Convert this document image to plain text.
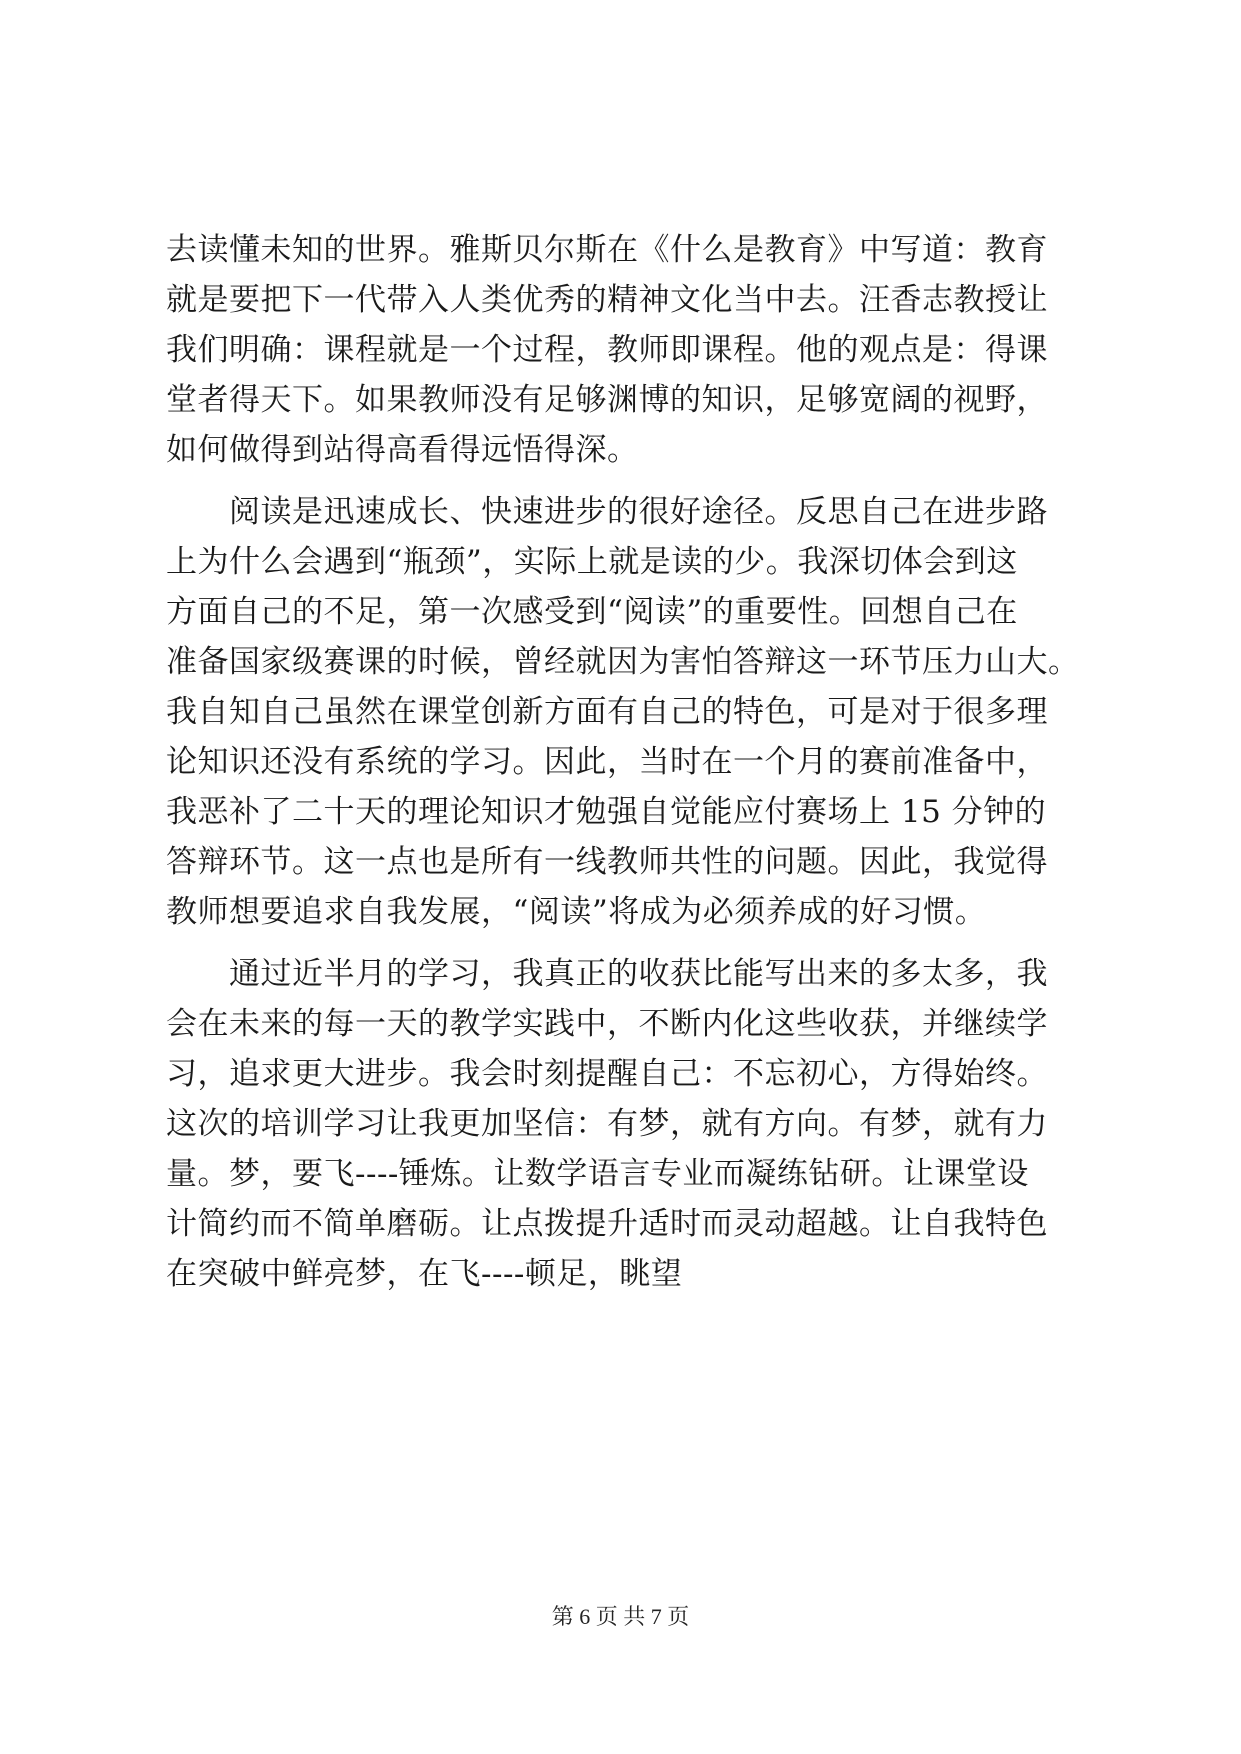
去读懂未知的世界。雅斯贝尔斯在《什么是教育》中写道：教育
就是要把下一代带入人类优秀的精神文化当中去。汪香志教授让
我们明确：课程就是一个过程，教师即课程。他的观点是：得课
堂者得天下。如果教师没有足够渊博的知识，足够宽阔的视野，
如何做得到站得高看得远悟得深。
阅读是迅速成长、快速进步的很好途径。反思自己在进步路
上为什么会遇到“瓶颈”，实际上就是读的少。我深切体会到这
方面自己的不足，第一次感受到“阅读”的重要性。回想自己在
准备国家级赛课的时候，曾经就因为害怕答辩这一环节压力山大。
我自知自己虽然在课堂创新方面有自己的特色，可是对于很多理
论知识还没有系统的学习。因此，当时在一个月的赛前准备中，
我恶补了二十天的理论知识才勉强自觉能应付赛场上 15 分钟的
答辩环节。这一点也是所有一线教师共性的问题。因此，我觉得
教师想要追求自我发展，“阅读”将成为必须养成的好习惯。
通过近半月的学习，我真正的收获比能写出来的多太多，我
会在未来的每一天的教学实践中，不断内化这些收获，并继续学
习，追求更大进步。我会时刻提醒自己：不忘初心，方得始终。
这次的培训学习让我更加坚信：有梦，就有方向。有梦，就有力
量。梦，要飞----锤炼。让数学语言专业而凝练钻研。让课堂设
计简约而不简单磨砺。让点拨提升适时而灵动超越。让自我特色
在突破中鲜亮梦，在飞----顿足，眺望
第 6 页 共 7 页
